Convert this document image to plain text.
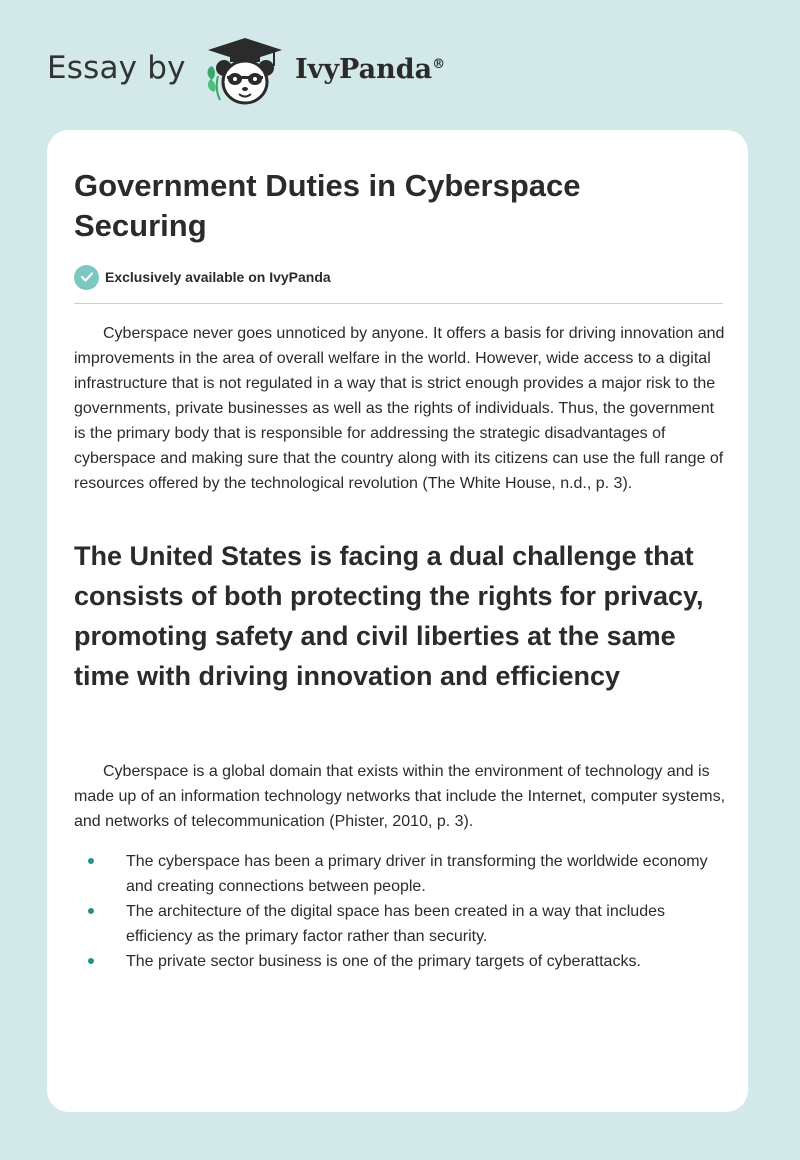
Essay by	IvyPanda®
Government Duties in Cyberspace Securing
Exclusively available on IvyPanda

Cyberspace never goes unnoticed by anyone. It offers a basis for driving innovation and improvements in the area of overall welfare in the world. However, wide access to a digital infrastructure that is not regulated in a way that is strict enough provides a major risk to the governments, private businesses as well as the rights of individuals. Thus, the government is the primary body that is responsible for addressing the strategic disadvantages of cyberspace and making sure that the country along with its citizens can use the full range of resources offered by the technological revolution (The White House, n.d., p. 3).

The United States is facing a dual challenge that consists of both protecting the rights for privacy, promoting safety and civil liberties at the same time with driving innovation and efficiency

Cyberspace is a global domain that exists within the environment of technology and is made up of an information technology networks that include the Internet, computer systems, and networks of telecommunication (Phister, 2010, p. 3).

The cyberspace has been a primary driver in transforming the worldwide economy and creating connections between people.
The architecture of the digital space has been created in a way that includes efficiency as the primary factor rather than security.
The private sector business is one of the primary targets of cyberattacks.
